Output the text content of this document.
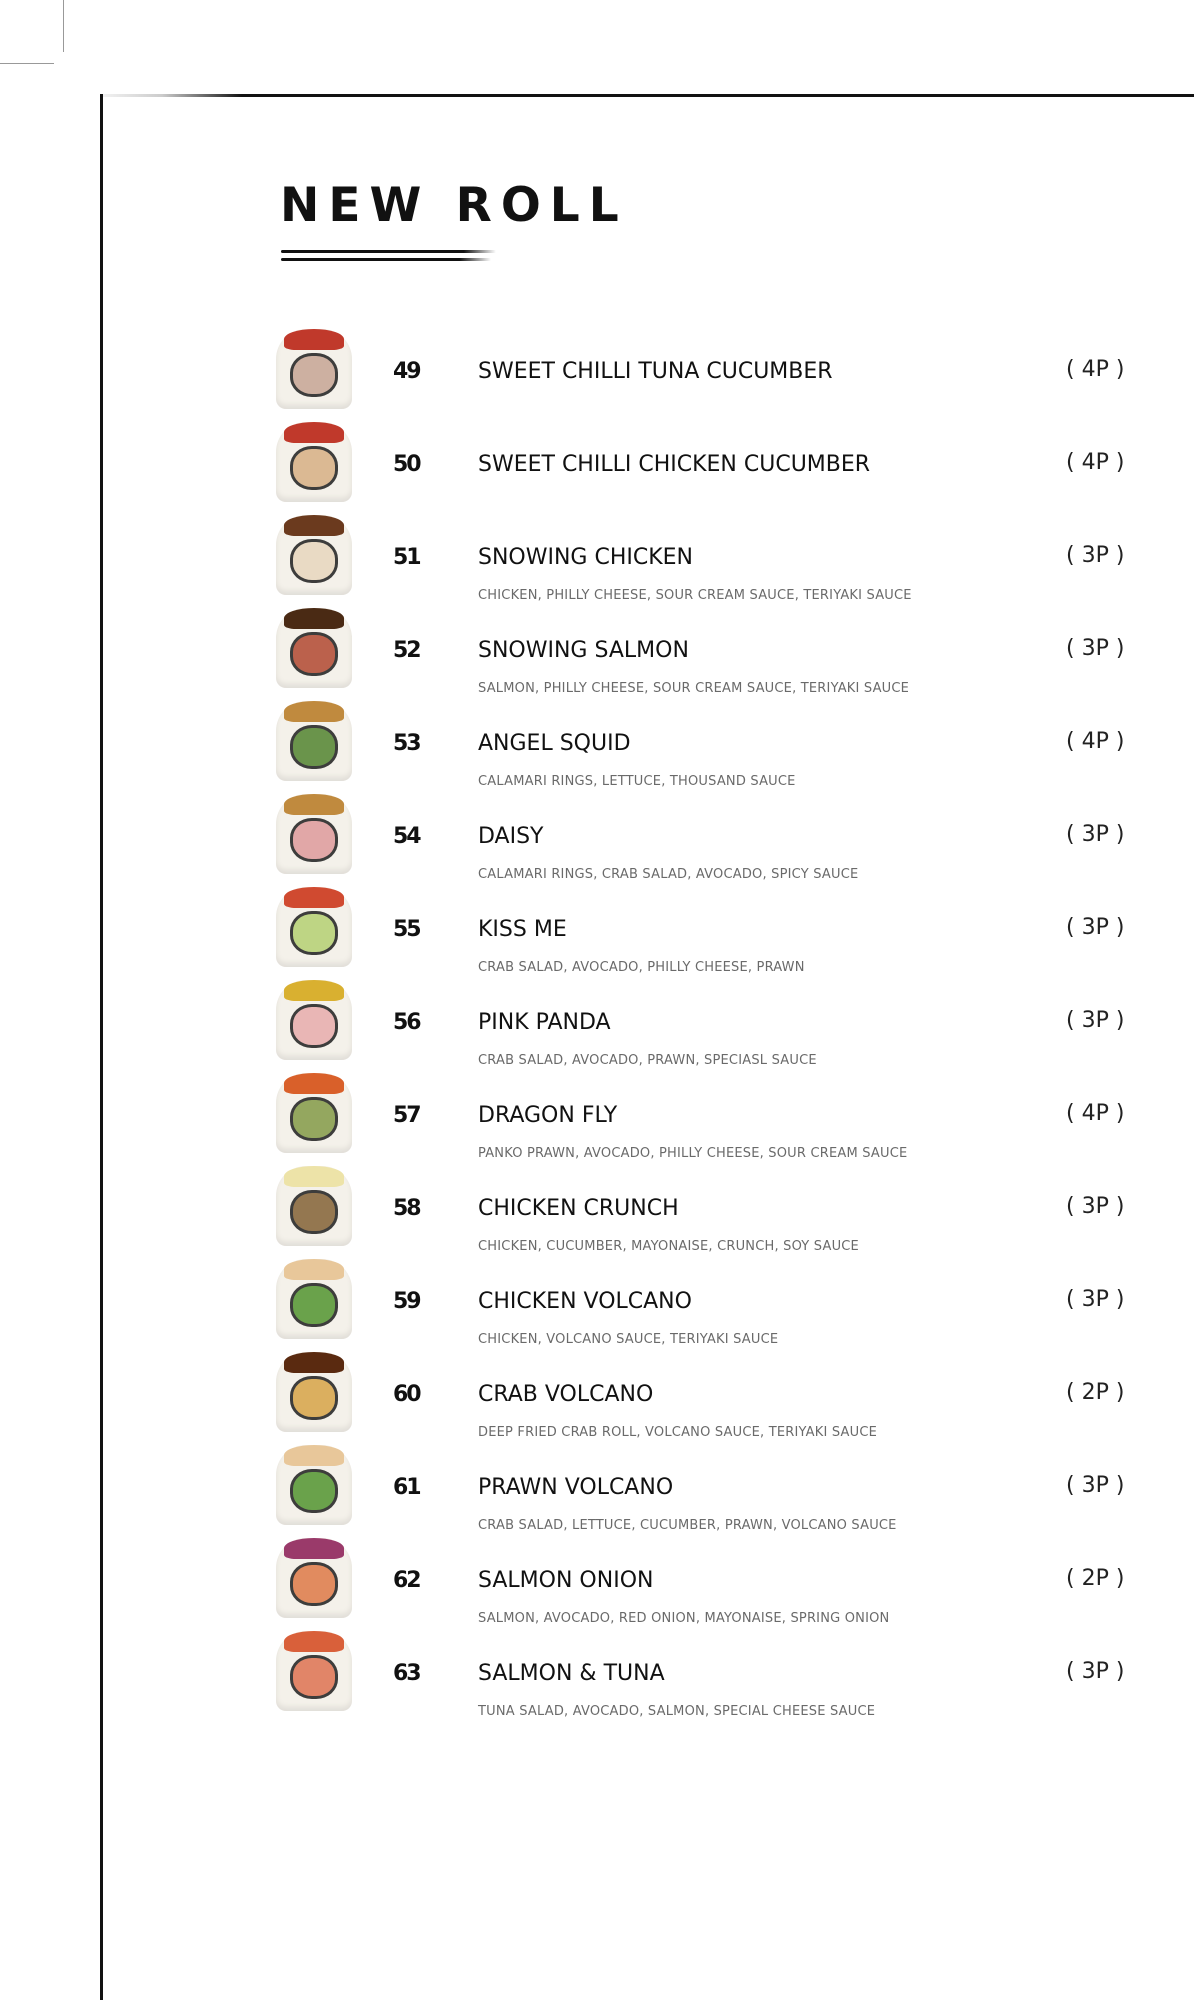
NEW ROLL
49	SWEET CHILLI TUNA CUCUMBER	( 4P )
50	SWEET CHILLI CHICKEN CUCUMBER	( 4P )
51	SNOWING CHICKEN
CHICKEN, PHILLY CHEESE, SOUR CREAM SAUCE, TERIYAKI SAUCE
( 3P )
52	SNOWING SALMON
SALMON, PHILLY CHEESE, SOUR CREAM SAUCE, TERIYAKI SAUCE
( 3P )
53	ANGEL SQUID
CALAMARI RINGS, LETTUCE, THOUSAND SAUCE
( 4P )
54	DAISY
CALAMARI RINGS, CRAB SALAD, AVOCADO, SPICY SAUCE
( 3P )
55	KISS ME
CRAB SALAD, AVOCADO, PHILLY CHEESE, PRAWN
( 3P )
56	PINK PANDA
CRAB SALAD, AVOCADO, PRAWN, SPECIASL SAUCE
( 3P )
57	DRAGON FLY
PANKO PRAWN, AVOCADO, PHILLY CHEESE, SOUR CREAM SAUCE
( 4P )
58	CHICKEN CRUNCH
CHICKEN, CUCUMBER, MAYONAISE, CRUNCH, SOY SAUCE
( 3P )
59	CHICKEN VOLCANO
CHICKEN, VOLCANO SAUCE, TERIYAKI SAUCE
( 3P )
60	CRAB VOLCANO
DEEP FRIED CRAB ROLL, VOLCANO SAUCE, TERIYAKI SAUCE
( 2P )
61	PRAWN VOLCANO
CRAB SALAD, LETTUCE, CUCUMBER, PRAWN, VOLCANO SAUCE
( 3P )
62	SALMON ONION
SALMON, AVOCADO, RED ONION, MAYONAISE, SPRING ONION
( 2P )
63	SALMON & TUNA
TUNA SALAD, AVOCADO, SALMON, SPECIAL CHEESE SAUCE
( 3P )
